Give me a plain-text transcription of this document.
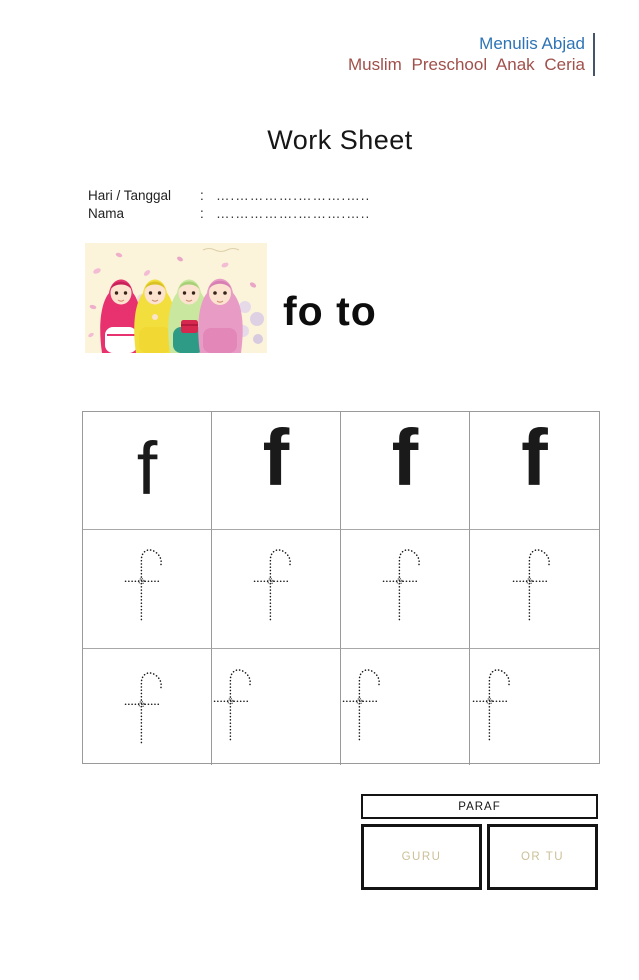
Menulis Abjad
Muslim Preschool Anak Ceria
Work Sheet
Hari / Tanggal	: ….………….……….…..
Nama	: ….………….……….…..
fo to
f f f f
PARAF
GURU	OR TU
